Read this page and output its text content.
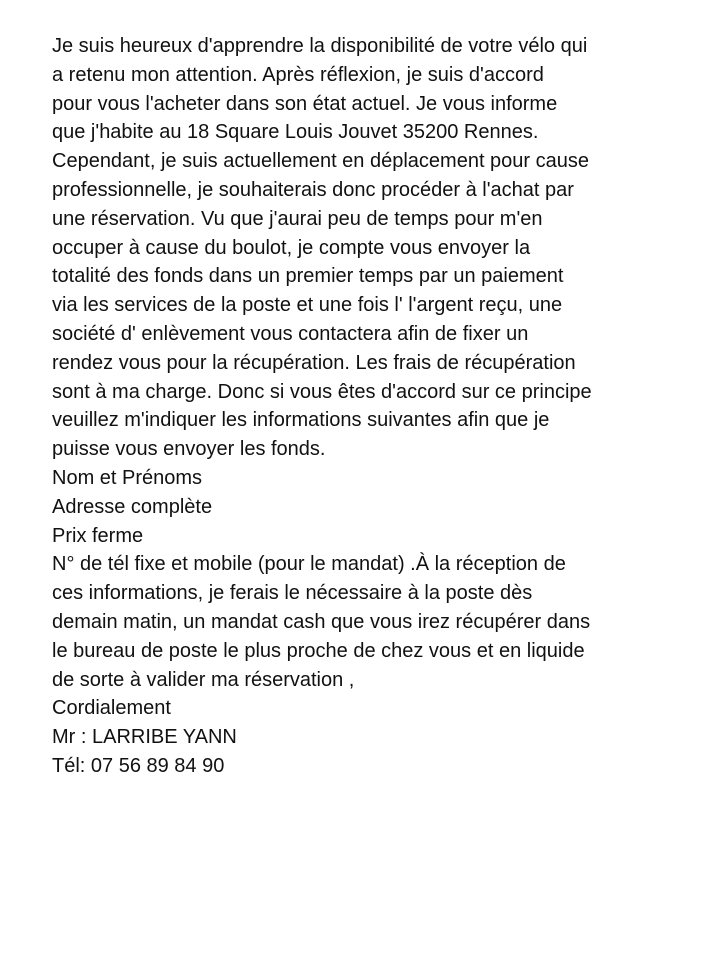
Je suis heureux d'apprendre la disponibilité de votre vélo qui
a retenu mon attention. Après réflexion, je suis d'accord
pour vous l'acheter dans son état actuel. Je vous informe
que j'habite au 18 Square Louis Jouvet 35200 Rennes.
Cependant, je suis actuellement en déplacement pour cause
professionnelle, je souhaiterais donc procéder à l'achat par
une réservation. Vu que j'aurai peu de temps pour m'en
occuper à cause du boulot, je compte vous envoyer la
totalité des fonds dans un premier temps par un paiement
via les services de la poste et une fois l' l'argent reçu, une
société d' enlèvement vous contactera afin de fixer un
rendez vous pour la récupération. Les frais de récupération
sont à ma charge. Donc si vous êtes d'accord sur ce principe
veuillez m'indiquer les informations suivantes afin que je
puisse vous envoyer les fonds.
Nom et Prénoms
Adresse complète
Prix ferme
N° de tél fixe et mobile (pour le mandat) .À la réception de
ces informations, je ferais le nécessaire à la poste dès
demain matin, un mandat cash que vous irez récupérer dans
le bureau de poste le plus proche de chez vous et en liquide
de sorte à valider ma réservation ,
Cordialement
Mr : LARRIBE YANN
Tél: 07 56 89 84 90
